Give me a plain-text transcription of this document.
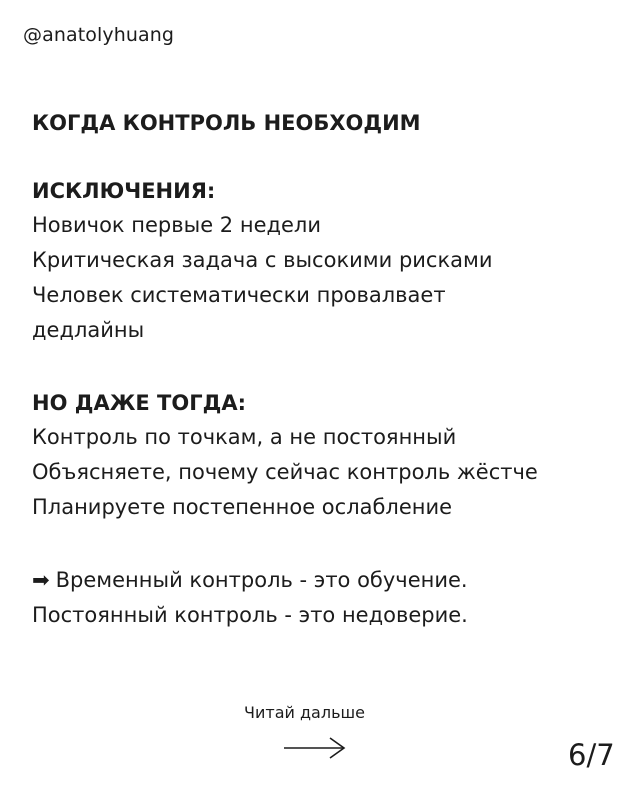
@anatolyhuang

КОГДА КОНТРОЛЬ НЕОБХОДИМ

ИСКЛЮЧЕНИЯ:

Новичок первые 2 недели

Критическая задача с высокими рисками

Человек систематически провалвает

дедлайны

НО ДАЖЕ ТОГДА:

Контроль по точкам, а не постоянный

Объясняете, почему сейчас контроль жёстче

Планируете постепенное ослабление

➡ Временный контроль - это обучение.

Постоянный контроль - это недоверие.

Читай дальше
6/7
